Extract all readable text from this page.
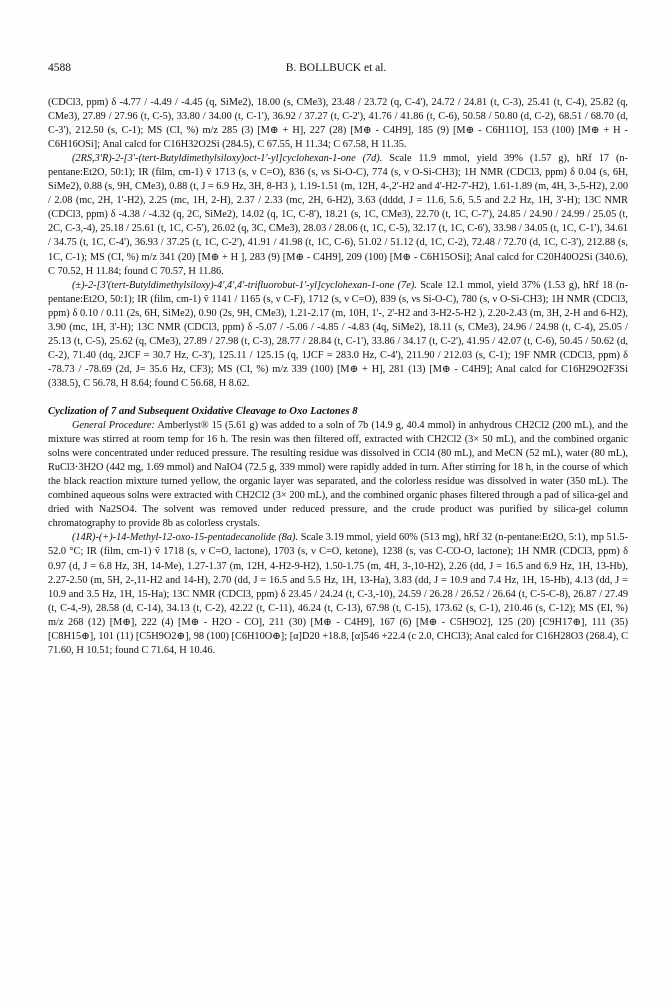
4588	B. BOLLBUCK et al.

(CDCl3, ppm) δ -4.77 / -4.49 / -4.45 (q, SiMe2), 18.00 (s, CMe3), 23.48 / 23.72 (q, C-4'), 24.72 / 24.81 (t, C-3), 25.41 (t, C-4), 25.82 (q, CMe3), 27.89 / 27.96 (t, C-5), 33.80 / 34.00 (t, C-1'), 36.92 / 37.27 (t, C-2'), 41.76 / 41.86 (t, C-6), 50.58 / 50.80 (d, C-2), 68.51 / 68.70 (d, C-3'), 212.50 (s, C-1); MS (CI, %) m/z 285 (3) [M⊕ + H], 227 (28) [M⊕ - C4H9], 185 (9) [M⊕ - C6H11O], 153 (100) [M⊕ + H - C6H16OSi]; Anal calcd for C16H32O2Si (284.5), C 67.55, H 11.34; C 67.58, H 11.35.

(2RS,3'R)-2-[3'-(tert-Butyldimethylsiloxy)oct-1'-yl]cyclohexan-1-one (7d). Scale 11.9 mmol, yield 39% (1.57 g), hRf 17 (n-pentane:Et2O, 50:1); IR (film, cm-1) ṽ 1713 (s, ν C=O), 836 (s, νs Si-O-C), 774 (s, ν O-Si-CH3); 1H NMR (CDCl3, ppm) δ 0.04 (s, 6H, SiMe2), 0.88 (s, 9H, CMe3), 0.88 (t, J = 6.9 Hz, 3H, 8-H3 ), 1.19-1.51 (m, 12H, 4-,2'-H2 and 4'-H2-7'-H2), 1.61-1.89 (m, 4H, 3-,5-H2), 2.00 / 2.08 (mc, 2H, 1'-H2), 2.25 (mc, 1H, 2-H), 2.37 / 2.33 (mc, 2H, 6-H2), 3.63 (dddd, J = 11.6, 5.6, 5.5 and 2.2 Hz, 1H, 3'-H); 13C NMR (CDCl3, ppm) δ -4.38 / -4.32 (q, 2C, SiMe2), 14.02 (q, 1C, C-8'), 18.21 (s, 1C, CMe3), 22.70 (t, 1C, C-7'), 24.85 / 24.90 / 24.99 / 25.05 (t, 2C, C-3,-4), 25.18 / 25.61 (t, 1C, C-5'), 26.02 (q, 3C, CMe3), 28.03 / 28.06 (t, 1C, C-5), 32.17 (t, 1C, C-6'), 33.98 / 34.05 (t, 1C, C-1'), 34.61 / 34.75 (t, 1C, C-4'), 36.93 / 37.25 (t, 1C, C-2'), 41.91 / 41.98 (t, 1C, C-6), 51.02 / 51.12 (d, 1C, C-2), 72.48 / 72.70 (d, 1C, C-3'), 212.88 (s, 1C, C-1); MS (CI, %) m/z 341 (20) [M⊕ + H ], 283 (9) [M⊕ - C4H9], 209 (100) [M⊕ - C6H15OSi]; Anal calcd for C20H40O2Si (340.6), C 70.52, H 11.84; found C 70.57, H 11.86.

(±)-2-[3'(tert-Butyldimethylsiloxy)-4',4',4'-trifluorobut-1'-yl]cyclohexan-1-one (7e). Scale 12.1 mmol, yield 37% (1.53 g), hRf 18 (n-pentane:Et2O, 50:1); IR (film, cm-1) ṽ 1141 / 1165 (s, ν C-F), 1712 (s, ν C=O), 839 (s, νs Si-O-C), 780 (s, ν O-Si-CH3); 1H NMR (CDCl3, ppm) δ 0.10 / 0.11 (2s, 6H, SiMe2), 0.90 (2s, 9H, CMe3), 1.21-2.17 (m, 10H, 1'-, 2'-H2 and 3-H2-5-H2 ), 2.20-2.43 (m, 3H, 2-H and 6-H2), 3.90 (mc, 1H, 3'-H); 13C NMR (CDCl3, ppm) δ -5.07 / -5.06 / -4.85 / -4.83 (4q, SiMe2), 18.11 (s, CMe3), 24.96 / 24.98 (t, C-4), 25.05 / 25.13 (t, C-5), 25.62 (q, CMe3), 27.89 / 27.98 (t, C-3), 28.77 / 28.84 (t, C-1'), 33.86 / 34.17 (t, C-2'), 41.95 / 42.07 (t, C-6), 50.45 / 50.62 (d, C-2), 71.40 (dq, 2JCF = 30.7 Hz, C-3'), 125.11 / 125.15 (q, 1JCF = 283.0 Hz, C-4'), 211.90 / 212.03 (s, C-1); 19F NMR (CDCl3, ppm) δ -78.73 / -78.69 (2d, J= 35.6 Hz, CF3); MS (CI, %) m/z 339 (100) [M⊕ + H], 281 (13) [M⊕ - C4H9]; Anal calcd for C16H29O2F3Si (338.5), C 56.78, H 8.64; found C 56.68, H 8.62.

Cyclization of 7 and Subsequent Oxidative Cleavage to Oxo Lactones 8

General Procedure: Amberlyst® 15 (5.61 g) was added to a soln of 7b (14.9 g, 40.4 mmol) in anhydrous CH2Cl2 (200 mL), and the mixture was stirred at room temp for 16 h. The resin was then filtered off, extracted with CH2Cl2 (3× 50 mL), and the combined organic solns were concentrated under reduced pressure. The resulting residue was dissolved in CCl4 (80 mL), and MeCN (52 mL), water (80 mL), RuCl3·3H2O (442 mg, 1.69 mmol) and NaIO4 (72.5 g, 339 mmol) were rapidly added in turn. After stirring for 18 h, in the course of which the black reaction mixture turned yellow, the organic layer was separated, and the colorless residue was dissolved in water (350 mL). The combined aqueous solns were extracted with CH2Cl2 (3× 200 mL), and the combined organic phases filtered through a pad of silica-gel and dried with Na2SO4. The solvent was removed under reduced pressure, and the crude product was purified by silica-gel column chromatography to provide 8b as colorless crystals.

(14R)-(+)-14-Methyl-12-oxo-15-pentadecanolide (8a). Scale 3.19 mmol, yield 60% (513 mg), hRf 32 (n-pentane:Et2O, 5:1), mp 51.5-52.0 °C; IR (film, cm-1) ṽ 1718 (s, ν C=O, lactone), 1703 (s, ν C=O, ketone), 1238 (s, νas C-CO-O, lactone); 1H NMR (CDCl3, ppm) δ 0.97 (d, J = 6.8 Hz, 3H, 14-Me), 1.27-1.37 (m, 12H, 4-H2-9-H2), 1.50-1.75 (m, 4H, 3-,10-H2), 2.26 (dd, J = 16.5 and 6.9 Hz, 1H, 13-Hb), 2.27-2.50 (m, 5H, 2-,11-H2 and 14-H), 2.70 (dd, J = 16.5 and 5.5 Hz, 1H, 13-Ha), 3.83 (dd, J = 10.9 and 7.4 Hz, 1H, 15-Hb), 4.13 (dd, J = 10.9 and 3.5 Hz, 1H, 15-Ha); 13C NMR (CDCl3, ppm) δ 23.45 / 24.24 (t, C-3,-10), 24.59 / 26.28 / 26.52 / 26.64 (t, C-5-C-8), 26.87 / 27.49 (t, C-4,-9), 28.58 (d, C-14), 34.13 (t, C-2), 42.22 (t, C-11), 46.24 (t, C-13), 67.98 (t, C-15), 173.62 (s, C-1), 210.46 (s, C-12); MS (EI, %) m/z 268 (12) [M⊕], 222 (4) [M⊕ - H2O - CO], 211 (30) [M⊕ - C4H9], 167 (6) [M⊕ - C5H9O2], 125 (20) [C9H17⊕], 111 (35) [C8H15⊕], 101 (11) [C5H9O2⊕], 98 (100) [C6H10O⊕]; [α]D20 +18.8, [α]546 +22.4 (c 2.0, CHCl3); Anal calcd for C16H28O3 (268.4), C 71.60, H 10.51; found C 71.64, H 10.46.
